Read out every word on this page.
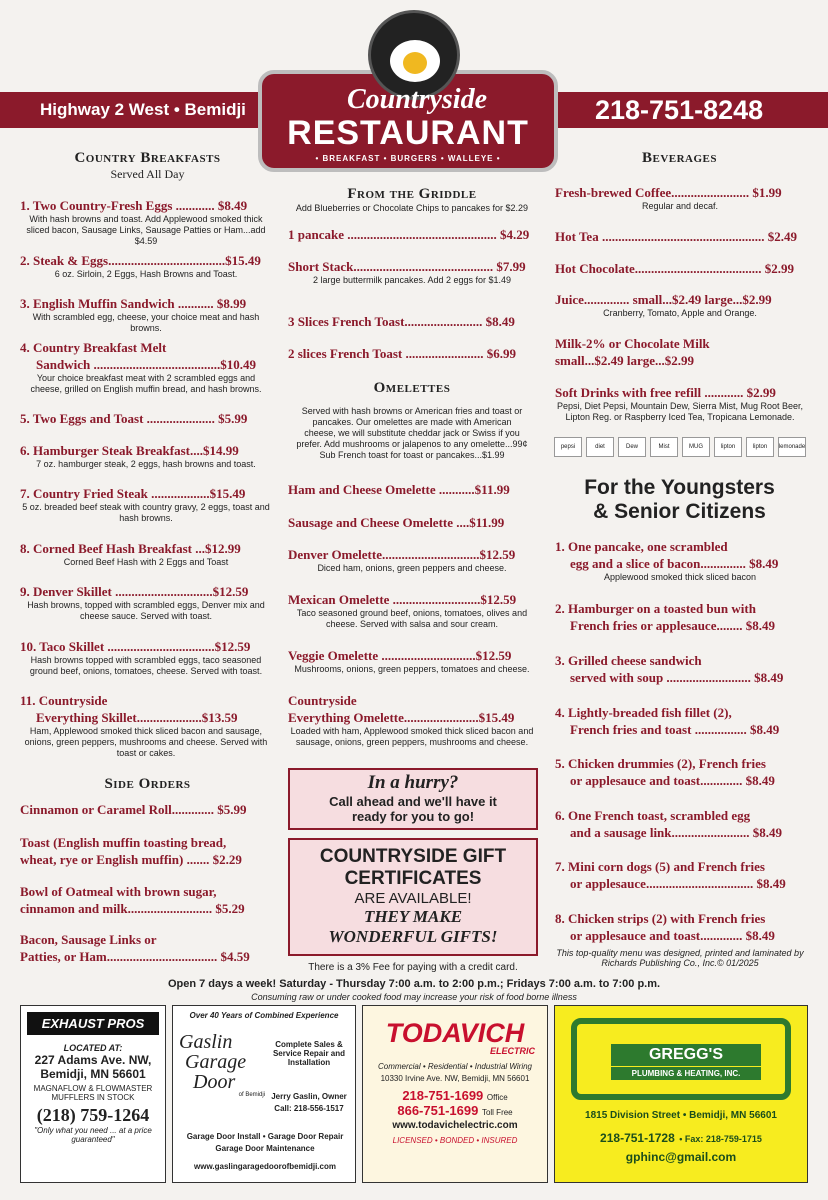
Highway 2 West • Bemidji	218-751-8248
Countryside
RESTAURANT
• BREAKFAST • BURGERS • WALLEYE •
Country Breakfasts
Served All Day
Side Orders
From the Griddle
Add Blueberries or Chocolate Chips to pancakes for $2.29
Omelettes
Served with hash browns or American fries and toast or pancakes. Our omelettes are made with American cheese, we will substitute cheddar jack or Swiss if you prefer. Add mushrooms or jalapenos to any omelette...99¢ Sub French toast for toast or pancakes...$1.99
In a hurry?
Call ahead and we'll have it ready for you to go!
COUNTRYSIDE GIFT
CERTIFICATES
ARE AVAILABLE!
THEY MAKE
WONDERFUL GIFTS!
There is a 3% Fee for paying with a credit card.
Beverages
pepsi	diet	Dew	Mist	MUG	lipton	lipton	lemonade
For the Youngsters
& Senior Citizens
This top-quality menu was designed, printed and laminated by Richards Publishing Co., Inc.© 01/2025
Open 7 days a week! Saturday - Thursday 7:00 a.m. to 2:00 p.m.; Fridays 7:00 a.m. to 7:00 p.m.
Consuming raw or under cooked food may increase your risk of food borne illness
EXHAUST PROS
LOCATED AT:
227 Adams Ave. NW,
Bemidji, MN 56601
MAGNAFLOW & FLOWMASTER
MUFFLERS IN STOCK
(218) 759-1264
"Only what you need ... at a price guaranteed"
Over 40 Years of Combined Experience
Gaslin
Garage
Door
of Bemidji
Complete Sales & Service Repair and Installation
Jerry Gaslin, Owner
Call: 218-556-1517
Garage Door Install • Garage Door Repair
Garage Door Maintenance
www.gaslingaragedoorofbemidji.com
TODAVICH
ELECTRIC
Commercial • Residential • Industrial Wiring
10330 Irvine Ave. NW, Bemidji, MN 56601
218-751-1699 Office
866-751-1699 Toll Free
www.todavichelectric.com
LICENSED • BONDED • INSURED
GREGG'S
PLUMBING & HEATING, INC.
1815 Division Street • Bemidji, MN 56601
218-751-1728 • Fax: 218-759-1715
gphinc@gmail.com
1. Two Country-Fresh Eggs ............ $8.49
With hash browns and toast. Add Applewood smoked thick sliced bacon, Sausage Links, Sausage Patties or Ham...add $4.59
2. Steak & Eggs....................................$15.49
6 oz. Sirloin, 2 Eggs, Hash Browns and Toast.
3. English Muffin Sandwich ........... $8.99
With scrambled egg, cheese, your choice meat and hash browns.
4. Country Breakfast Melt
Sandwich .......................................$10.49
Your choice breakfast meat with 2 scrambled eggs and cheese, grilled on English muffin bread, and hash browns.
5. Two Eggs and Toast ..................... $5.99
6. Hamburger Steak Breakfast....$14.99
7 oz. hamburger steak, 2 eggs, hash browns and toast.
7. Country Fried Steak ..................$15.49
5 oz. breaded beef steak with country gravy, 2 eggs, toast and hash browns.
8. Corned Beef Hash Breakfast ...$12.99
Corned Beef Hash with 2 Eggs and Toast
9. Denver Skillet ..............................$12.59
Hash browns, topped with scrambled eggs, Denver mix and cheese sauce. Served with toast.
10. Taco Skillet .................................$12.59
Hash browns topped with scrambled eggs, taco seasoned ground beef, onions, tomatoes, cheese. Served with toast.
11. Countryside
Everything Skillet....................$13.59
Ham, Applewood smoked thick sliced bacon and sausage, onions, green peppers, mushrooms and cheese. Served with toast or cakes.
1 pancake .............................................. $4.29
Short Stack........................................... $7.99
2 large buttermilk pancakes. Add 2 eggs for $1.49
3 Slices French Toast........................ $8.49
2 slices French Toast ........................ $6.99
Ham and Cheese Omelette ...........$11.99
Sausage and Cheese Omelette ....$11.99
Denver Omelette..............................$12.59
Diced ham, onions, green peppers and cheese.
Mexican Omelette ...........................$12.59
Taco seasoned ground beef, onions, tomatoes, olives and cheese. Served with salsa and sour cream.
Veggie Omelette .............................$12.59
Mushrooms, onions, green peppers, tomatoes and cheese.
Countryside
Everything Omelette.......................$15.49
Loaded with ham, Applewood smoked thick sliced bacon and sausage, onions, green peppers, mushrooms and cheese.
Fresh-brewed Coffee........................ $1.99
Regular and decaf.
Hot Tea .................................................. $2.49
Hot Chocolate....................................... $2.99
Juice.............. small...$2.49 large...$2.99
Cranberry, Tomato, Apple and Orange.
Milk-2% or Chocolate Milk
small...$2.49 large...$2.99
Soft Drinks with free refill ............ $2.99
Pepsi, Diet Pepsi, Mountain Dew, Sierra Mist, Mug Root Beer, Lipton Reg. or Raspberry Iced Tea, Tropicana Lemonade.
Cinnamon or Caramel Roll............. $5.99
Toast (English muffin toasting bread,
wheat, rye or English muffin) ....... $2.29
Bowl of Oatmeal with brown sugar,
cinnamon and milk.......................... $5.29
Bacon, Sausage Links or
Patties, or Ham.................................. $4.59
1. One pancake, one scrambled
egg and a slice of bacon.............. $8.49
Applewood smoked thick sliced bacon
2. Hamburger on a toasted bun with
French fries or applesauce........ $8.49
3. Grilled cheese sandwich
served with soup .......................... $8.49
4. Lightly-breaded fish fillet (2),
French fries and toast ................ $8.49
5. Chicken drummies (2), French fries
or applesauce and toast............. $8.49
6. One French toast, scrambled egg
and a sausage link........................ $8.49
7. Mini corn dogs (5) and French fries
or applesauce................................. $8.49
8. Chicken strips (2) with French fries
or applesauce and toast............. $8.49
